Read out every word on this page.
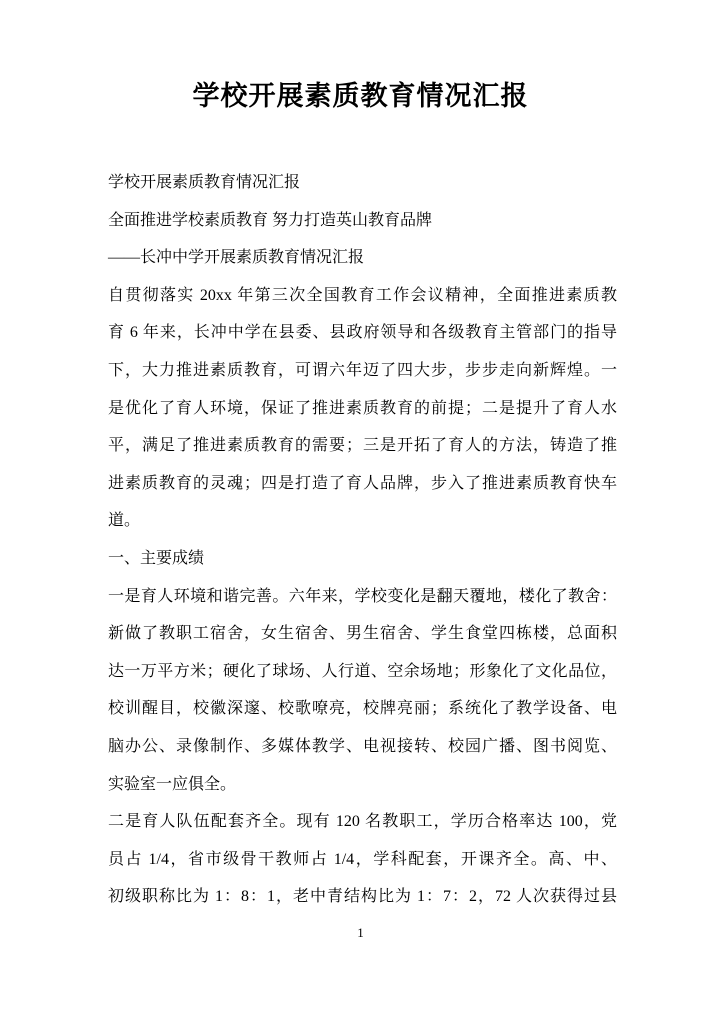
学校开展素质教育情况汇报
学校开展素质教育情况汇报
全面推进学校素质教育 努力打造英山教育品牌
——长冲中学开展素质教育情况汇报
自贯彻落实 20xx 年第三次全国教育工作会议精神，全面推进素质教
育 6 年来，长冲中学在县委、县政府领导和各级教育主管部门的指导
下，大力推进素质教育，可谓六年迈了四大步，步步走向新辉煌。一
是优化了育人环境，保证了推进素质教育的前提；二是提升了育人水
平，满足了推进素质教育的需要；三是开拓了育人的方法，铸造了推
进素质教育的灵魂；四是打造了育人品牌，步入了推进素质教育快车
道。
一、主要成绩
一是育人环境和谐完善。六年来，学校变化是翻天覆地，楼化了教舍：
新做了教职工宿舍，女生宿舍、男生宿舍、学生食堂四栋楼，总面积
达一万平方米；硬化了球场、人行道、空余场地；形象化了文化品位，
校训醒目，校徽深邃、校歌嘹亮，校牌亮丽；系统化了教学设备、电
脑办公、录像制作、多媒体教学、电视接转、校园广播、图书阅览、
实验室一应俱全。
二是育人队伍配套齐全。现有 120 名教职工，学历合格率达 100，党
员占 1/4，省市级骨干教师占 1/4，学科配套，开课齐全。高、中、
初级职称比为 1：8：1，老中青结构比为 1：7：2，72 人次获得过县
1
